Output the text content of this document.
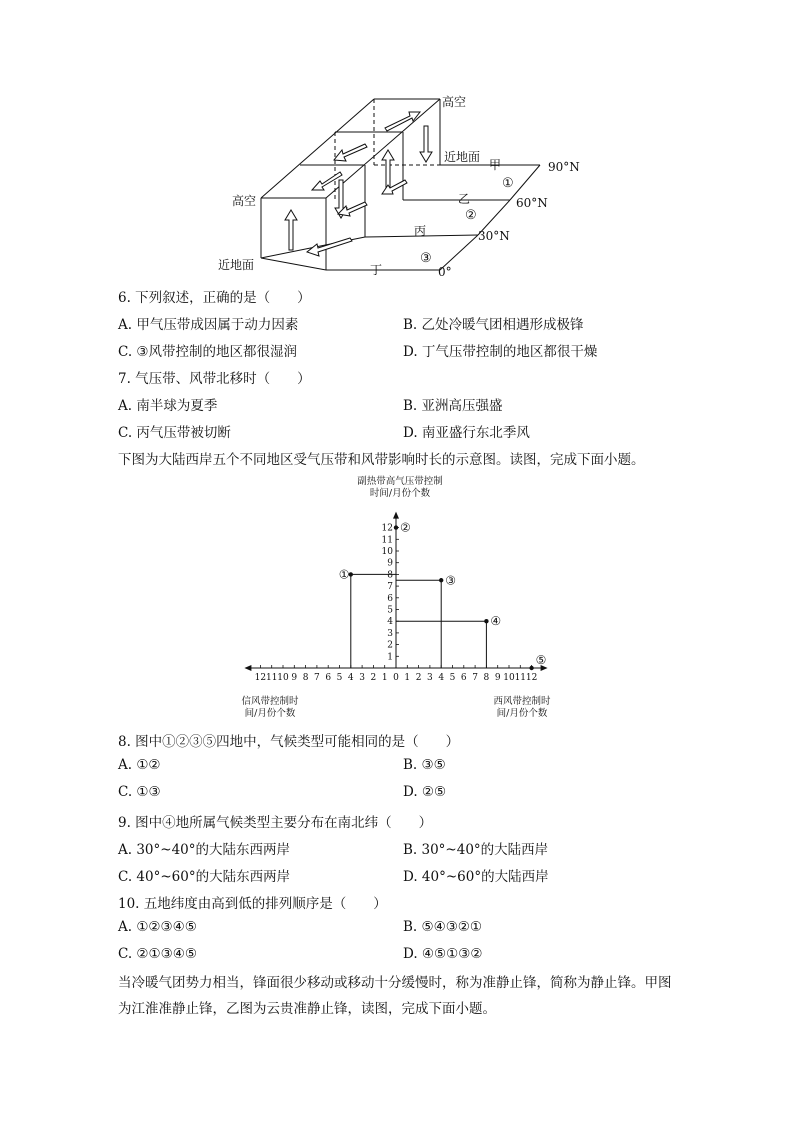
高空
近地面
高空
近地面
甲
乙
丙
丁
90°N
60°N
30°N
0°
①
②
③
6. 下列叙述，正确的是（　　）
A. 甲气压带成因属于动力因素	B. 乙处冷暖气团相遇形成极锋
C. ③风带控制的地区都很湿润	D. 丁气压带控制的地区都很干燥
7. 气压带、风带北移时（　　）
A. 南半球为夏季	B. 亚洲高压强盛
C. 丙气压带被切断	D. 南亚盛行东北季风
下图为大陆西岸五个不同地区受气压带和风带影响时长的示意图。读图，完成下面小题。
副热带高气压带控制
时间/月份个数
12 11 10 9 8 7 6 5 4 3 2 1 0 1 2 3 4 5 6 7 8 9 10 11 12
1
2
3
4
5
6
7
8
9
10
11
12
①
②
③
④
⑤
信风带控制时
间/月份个数
西风带控制时
间/月份个数
8. 图中①②③⑤四地中，气候类型可能相同的是（　　）
A. ①②	B. ③⑤
C. ①③	D. ②⑤
9. 图中④地所属气候类型主要分布在南北纬（　　）
A. 30°~40°的大陆东西两岸	B. 30°~40°的大陆西岸
C. 40°~60°的大陆东西两岸	D. 40°~60°的大陆西岸
10. 五地纬度由高到低的排列顺序是（　　）
A. ①②③④⑤	B. ⑤④③②①
C. ②①③④⑤	D. ④⑤①③②
当冷暖气团势力相当，锋面很少移动或移动十分缓慢时，称为准静止锋，简称为静止锋。甲图为江淮准静止锋，乙图为云贵准静止锋，读图，完成下面小题。
